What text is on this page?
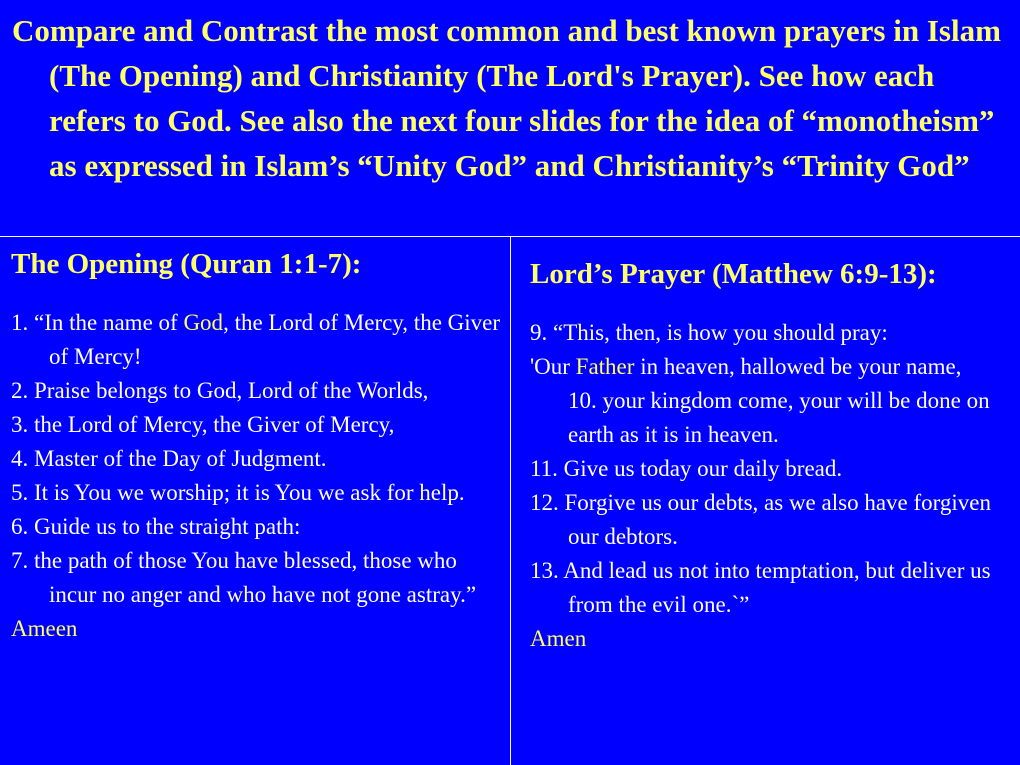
Compare and Contrast the most common and best known prayers in Islam (The Opening) and Christianity (The Lord's Prayer). See how each refers to God. See also the next four slides for the idea of “monotheism” as expressed in Islam’s “Unity God” and Christianity’s “Trinity God”
The Opening (Quran 1:1-7):

1. “In the name of God, the Lord of Mercy, the Giver of Mercy!

2. Praise belongs to God, Lord of the Worlds,

3. the Lord of Mercy, the Giver of Mercy,

4. Master of the Day of Judgment.

5. It is You we worship; it is You we ask for help.

6. Guide us to the straight path:

7. the path of those You have blessed, those who incur no anger and who have not gone astray.”

Ameen

Lord’s Prayer (Matthew 6:9-13):

9. “This, then, is how you should pray:

'Our Father in heaven, hallowed be your name,

10. your kingdom come, your will be done on earth as it is in heaven.

11. Give us today our daily bread.

12. Forgive us our debts, as we also have forgiven our debtors.

13. And lead us not into temptation, but deliver us from the evil one.`”

Amen
